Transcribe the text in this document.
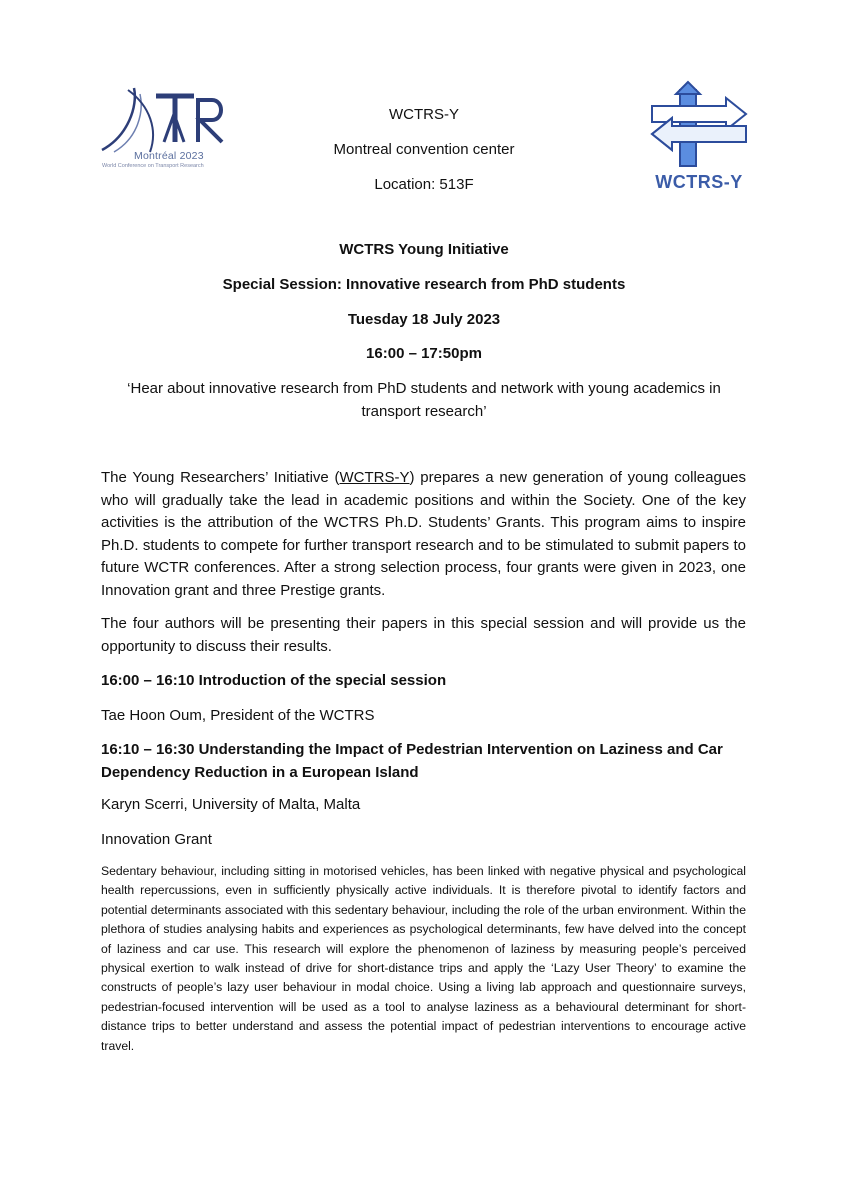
Montréal 2023
World Conference on Transport Research
WCTRS-Y
Montreal convention center
Location: 513F	WCTRS-Y
WCTRS Young Initiative
Special Session: Innovative research from PhD students
Tuesday 18 July 2023
16:00 – 17:50pm
‘Hear about innovative research from PhD students and network with young academics in transport research’
The Young Researchers’ Initiative (WCTRS-Y) prepares a new generation of young colleagues who will gradually take the lead in academic positions and within the Society. One of the key activities is the attribution of the WCTRS Ph.D. Students’ Grants. This program aims to inspire Ph.D. students to compete for further transport research and to be stimulated to submit papers to future WCTR conferences. After a strong selection process, four grants were given in 2023, one Innovation grant and three Prestige grants.
The four authors will be presenting their papers in this special session and will provide us the opportunity to discuss their results.
16:00 – 16:10 Introduction of the special session
Tae Hoon Oum, President of the WCTRS
16:10 – 16:30 Understanding the Impact of Pedestrian Intervention on Laziness and Car Dependency Reduction in a European Island
Karyn Scerri, University of Malta, Malta
Innovation Grant
Sedentary behaviour, including sitting in motorised vehicles, has been linked with negative physical and psychological health repercussions, even in sufficiently physically active individuals. It is therefore pivotal to identify factors and potential determinants associated with this sedentary behaviour, including the role of the urban environment. Within the plethora of studies analysing habits and experiences as psychological determinants, few have delved into the concept of laziness and car use. This research will explore the phenomenon of laziness by measuring people’s perceived physical exertion to walk instead of drive for short-distance trips and apply the ‘Lazy User Theory’ to examine the constructs of people’s lazy user behaviour in modal choice. Using a living lab approach and questionnaire surveys, pedestrian-focused intervention will be used as a tool to analyse laziness as a behavioural determinant for short-distance trips to better understand and assess the potential impact of pedestrian interventions to encourage active travel.
